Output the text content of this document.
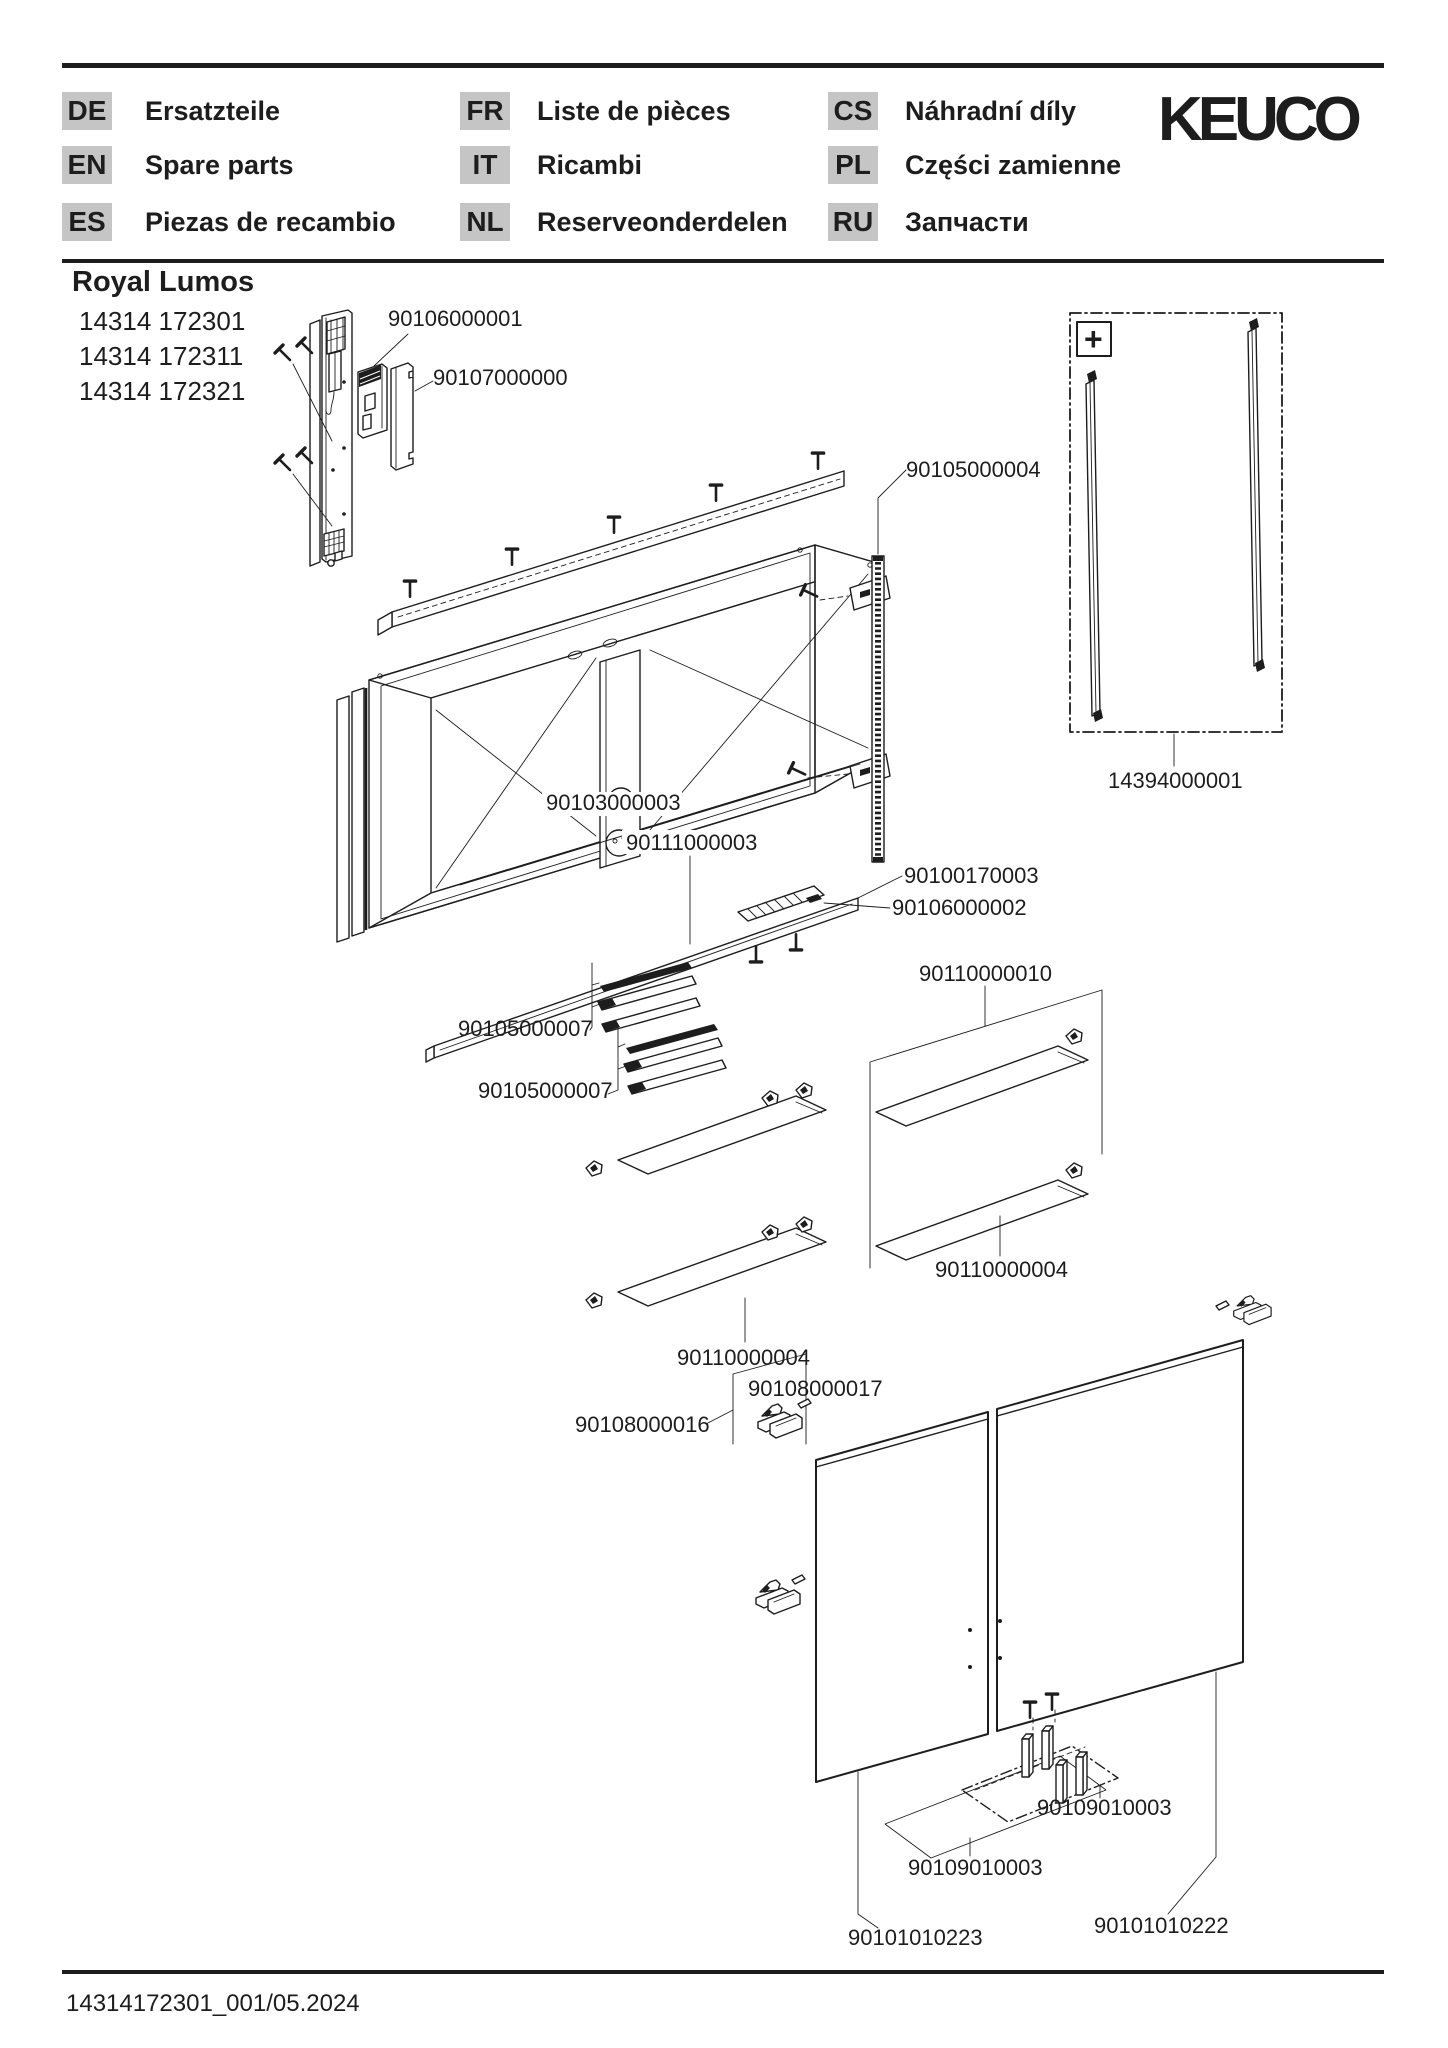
DE Ersatzteile
EN Spare parts
ES Piezas de recambio
FR Liste de pièces
IT	Ricambi
NL Reserveonderdelen
CS Náhradní díly
PL Części zamienne
RU Запчасти
KEUCO
Royal Lumos
14314 172301
14314 172311
14314 172321
+
90106000001
90107000000
90105000004
14394000001
90103000003
90111000003
90100170003
90106000002
90110000010
90105000007
90105000007
90110000004
90110000004
90108000017
90108000016
90109010003
90109010003
90101010222
90101010223
14314172301_001/05.2024
